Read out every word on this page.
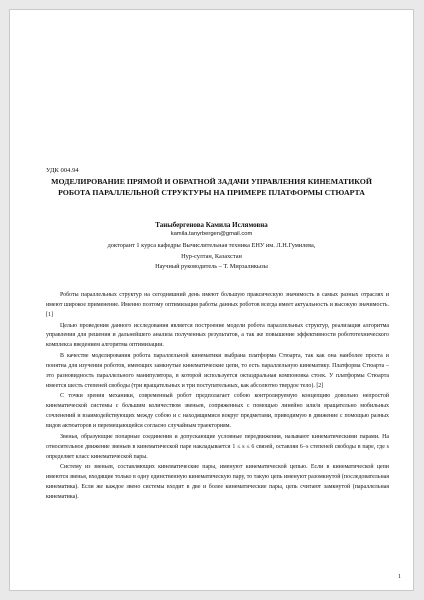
УДК 004.94
МОДЕЛИРОВАНИЕ ПРЯМОЙ И ОБРАТНОЙ ЗАДАЧИ УПРАВЛЕНИЯ КИНЕМАТИКОЙ РОБОТА ПАРАЛЛЕЛЬНОЙ СТРУКТУРЫ НА ПРИМЕРЕ ПЛАТФОРМЫ СТЮАРТА
Таныбергенова Камила Ислямовна
kamila.tanyrbergen@gmail.com
докторант 1 курса кафедры Вычислительная техника ЕНУ им. Л.Н.Гумилева,
Нур-султан, Казахстан
Научный руководитель – Т. Мирзаликызы

Роботы параллельных структур на сегодняшний день имеют большую праксическую значимость в самых разных отраслях и имеют широкое применение. Именно поэтому оптимизация работы данных роботов всегда имеет актуальность и высокую значимость. [1]

Целью проведения данного исследования является построение модели робота параллельных структур, реализация алгоритма управления для решения и дальнейшего анализа полученных результатов, а так же повышение эффективности робототехнического комплекса введением алгоритма оптимизации.

В качестве моделирования робота параллельной кинематики выбрана платформа Стюарта, так как она наиболее проста и понятна для изучения роботов, имеющих замкнутые кинематические цепи, то есть параллельную кинематику. Платформа Стюарта – это разновидность параллельного манипулятора, в которой используется октаэдральная компоновка стоек. У платформы Стюарта имеется шесть степеней свободы (три вращательных и три поступательных, как абсолютно твердое тело). [2]

С точки зрения механики, современный робот предполагает собою контролируемую концепцию довольно непростой кинематической системы с большим количеством звеньев, сопряженных с помощью линейно или/и вращательно мобильных сочленений и взаимодействующих между собою и с находящимися вокруг предметами, приводимую в движение с помощью разных видов актюаторов и перемещающейся согласно случайным траекториям.

Звенья, образующие попарные соединения и допускающие условные передвижения, называют кинематическими парами. На относительное движение звеньев в кинематической паре накладывается 1 ≤ s ≤ 6 связей, оставляя 6−s степеней свободы в паре, где s определяет класс кинематической пары.

Систему из звеньев, составляющих кинематические пары, именуют кинематической цепью. Если в кинематической цепи имеются звенья, входящие только в одну единственную кинематическую пару, то такую цепь именуют разомкнутой (последовательная кинематика). Если же каждое звено системы входит в две и более кинематические пары, цепь считают замкнутой (параллельная кинематика).

1
